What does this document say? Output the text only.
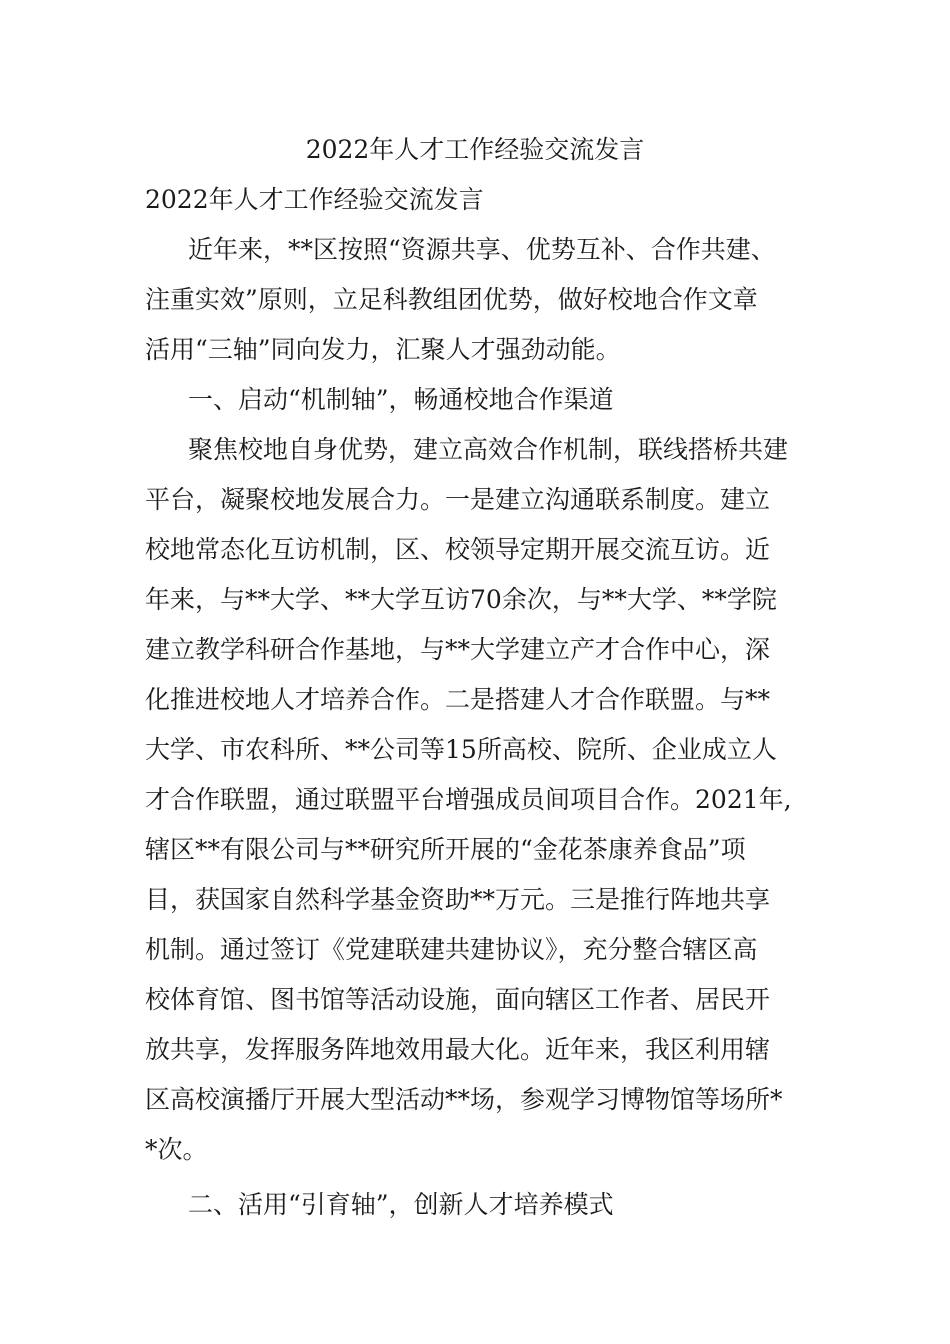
2022年人才工作经验交流发言
2022年人才工作经验交流发言
近年来，**区按照“资源共享、优势互补、合作共建、
注重实效”原则，立足科教组团优势，做好校地合作文章
活用“三轴”同向发力，汇聚人才强劲动能。
一、启动“机制轴”，畅通校地合作渠道
聚焦校地自身优势，建立高效合作机制，联线搭桥共建
平台，凝聚校地发展合力。一是建立沟通联系制度。建立
校地常态化互访机制，区、校领导定期开展交流互访。近
年来，与**大学、**大学互访70余次，与**大学、**学院
建立教学科研合作基地，与**大学建立产才合作中心，深
化推进校地人才培养合作。二是搭建人才合作联盟。与**
大学、市农科所、**公司等15所高校、院所、企业成立人
才合作联盟，通过联盟平台增强成员间项目合作。2021年,
辖区**有限公司与**研究所开展的“金花茶康养食品”项
目，获国家自然科学基金资助**万元。三是推行阵地共享
机制。通过签订《党建联建共建协议》，充分整合辖区高
校体育馆、图书馆等活动设施，面向辖区工作者、居民开
放共享，发挥服务阵地效用最大化。近年来，我区利用辖
区高校演播厅开展大型活动**场，参观学习博物馆等场所*
*次。
二、活用“引育轴”，创新人才培养模式
